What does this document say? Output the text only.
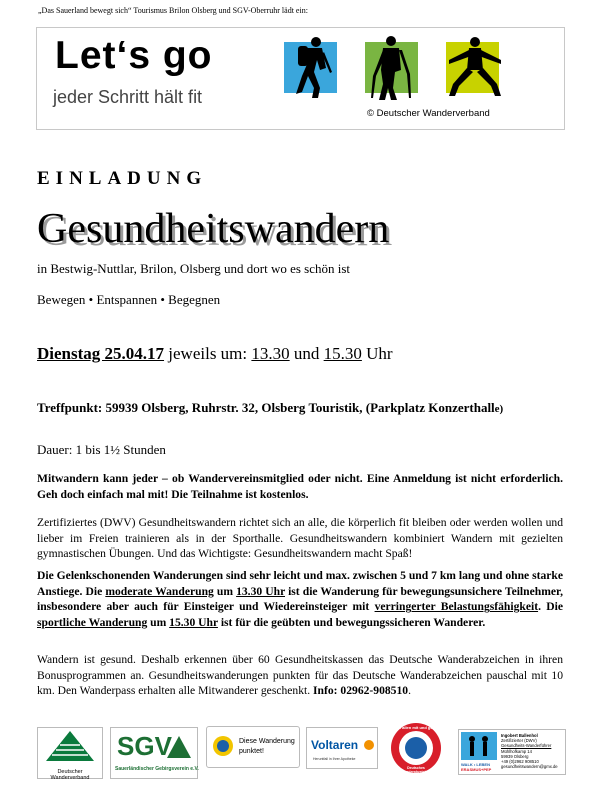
„Das Sauerland bewegt sich“ Tourismus Brilon Olsberg und SGV-Oberruhr lädt ein:
Let‘s go
jeder Schritt hält fit
© Deutscher Wanderverband
EINLADUNG
Gesundheitswandern
in Bestwig-Nuttlar, Brilon, Olsberg und dort wo es schön ist
Bewegen • Entspannen • Begegnen
Dienstag 25.04.17 jeweils um: 13.30 und 15.30 Uhr
Treffpunkt: 59939 Olsberg, Ruhrstr. 32, Olsberg Touristik, (Parkplatz Konzerthalle)
Dauer: 1 bis 1½ Stunden
Mitwandern kann jeder – ob Wandervereinsmitglied oder nicht. Eine Anmeldung ist nicht erforderlich. Geh doch einfach mal mit! Die Teilnahme ist kostenlos.
Zertifiziertes (DWV) Gesundheitswandern richtet sich an alle, die körperlich fit bleiben oder werden wollen und lieber im Freien trainieren als in der Sporthalle. Gesundheitswandern kombiniert Wandern mit gezielten gymnastischen Übungen. Und das Wichtigste: Gesundheitswandern macht Spaß!
Die Gelenkschonenden Wanderungen sind sehr leicht und max. zwischen 5 und 7 km lang und ohne starke Anstiege. Die moderate Wanderung um 13.30 Uhr ist die Wanderung für bewegungsunsichere Teilnehmer, insbesondere aber auch für Einsteiger und Wiedereinsteiger mit verringerter Belastungsfähigkeit. Die sportliche Wanderung um 15.30 Uhr ist für die geübten und bewegungssicheren Wanderer.
Wandern ist gesund. Deshalb erkennen über 60 Gesundheitskassen das Deutsche Wanderabzeichen in ihren Bonusprogrammen an. Gesundheitswanderungen punkten für das Deutsche Wanderabzeichen pauschal mit 10 km. Den Wanderpass erhalten alle Mitwanderer geschenkt. Info: 02962-908510.
Deutscher Wanderverband
SGV
Sauerländischer Gebirgsverein e.V.
Diese Wanderung
punktet!	Voltaren
Heruntfall in Ihrer Apotheke
Bei allen mit und gehe mit!
Deutsches Wanderabzeichen
WALK • LEBEN
ERASMUS+PEP
Ingobert Ballenhol
Zertifizierter (DWV)
Gesundheits-Wanderführer
Mühlhofkamp 14
59939 Olsberg
+49 (0)2962 908510
gesundheitswandern@gmx.de
